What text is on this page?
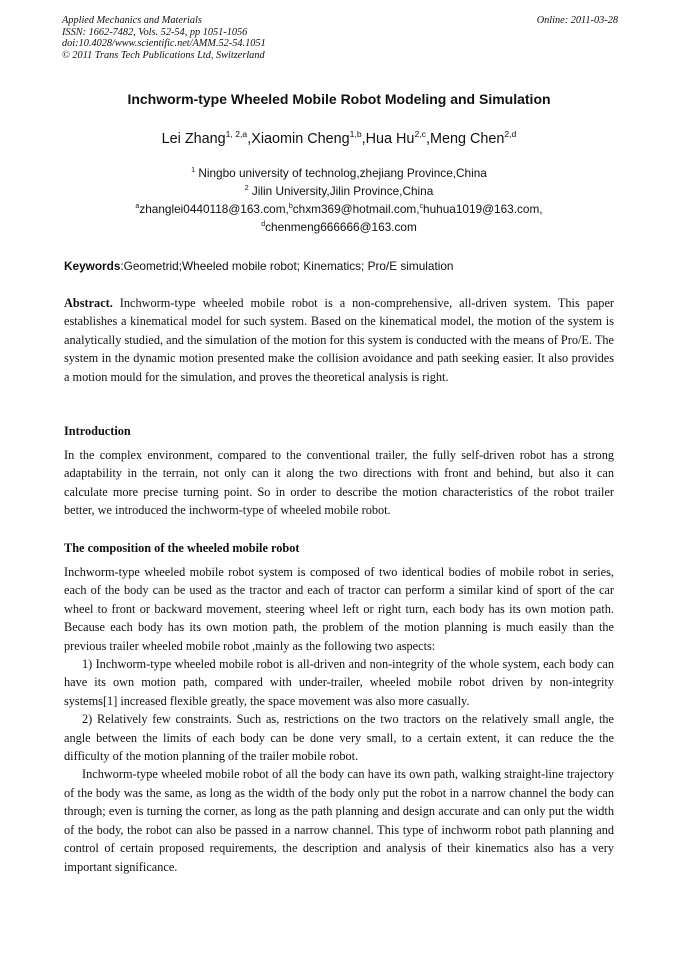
Applied Mechanics and Materials
ISSN: 1662-7482, Vols. 52-54, pp 1051-1056
doi:10.4028/www.scientific.net/AMM.52-54.1051
© 2011 Trans Tech Publications Ltd, Switzerland
Online: 2011-03-28
Inchworm-type Wheeled Mobile Robot Modeling and Simulation
Lei Zhang$^{1, 2,a}$,Xiaomin Cheng$^{1,b}$,Hua Hu$^{2,c}$,Meng Chen$^{2,d}$
$^1$ Ningbo university of technolog,zhejiang Province,China
$^2$ Jilin University,Jilin Province,China
$^a$zhanglei0440118@163.com,$^b$chxm369@hotmail.com,$^c$huhua1019@163.com,
$^d$chenmeng666666@163.com
Keywords:Geometrid;Wheeled mobile robot; Kinematics; Pro/E simulation

Abstract. Inchworm-type wheeled mobile robot is a non-comprehensive, all-driven system. This paper establishes a kinematical model for such system. Based on the kinematical model, the motion of the system is analytically studied, and the simulation of the motion for this system is conducted with the means of Pro/E. The system in the dynamic motion presented make the collision avoidance and path seeking easier. It also provides a motion mould for the simulation, and proves the theoretical analysis is right.

Introduction

In the complex environment, compared to the conventional trailer, the fully self-driven robot has a strong adaptability in the terrain, not only can it along the two directions with front and behind, but also it can calculate more precise turning point. So in order to describe the motion characteristics of the robot trailer better, we introduced the inchworm-type of wheeled mobile robot.

The composition of the wheeled mobile robot

Inchworm-type wheeled mobile robot system is composed of two identical bodies of mobile robot in series, each of the body can be used as the tractor and each of tractor can perform a similar kind of sport of the car wheel to front or backward movement, steering wheel left or right turn, each body has its own motion path. Because each body has its own motion path, the problem of the motion planning is much easily than the previous trailer wheeled mobile robot ,mainly as the following two aspects:

1) Inchworm-type wheeled mobile robot is all-driven and non-integrity of the whole system, each body can have its own motion path, compared with under-trailer, wheeled mobile robot driven by non-integrity systems[1] increased flexible greatly, the space movement was also more casually.

2) Relatively few constraints. Such as, restrictions on the two tractors on the relatively small angle, the angle between the limits of each body can be done very small, to a certain extent, it can reduce the the difficulty of the motion planning of the trailer mobile robot.

Inchworm-type wheeled mobile robot of all the body can have its own path, walking straight-line trajectory of the body was the same, as long as the width of the body only put the robot in a narrow channel the body can through; even is turning the corner, as long as the path planning and design accurate and can only put the width of the body, the robot can also be passed in a narrow channel. This type of inchworm robot path planning and control of certain proposed requirements, the description and analysis of their kinematics also has a very important significance.
